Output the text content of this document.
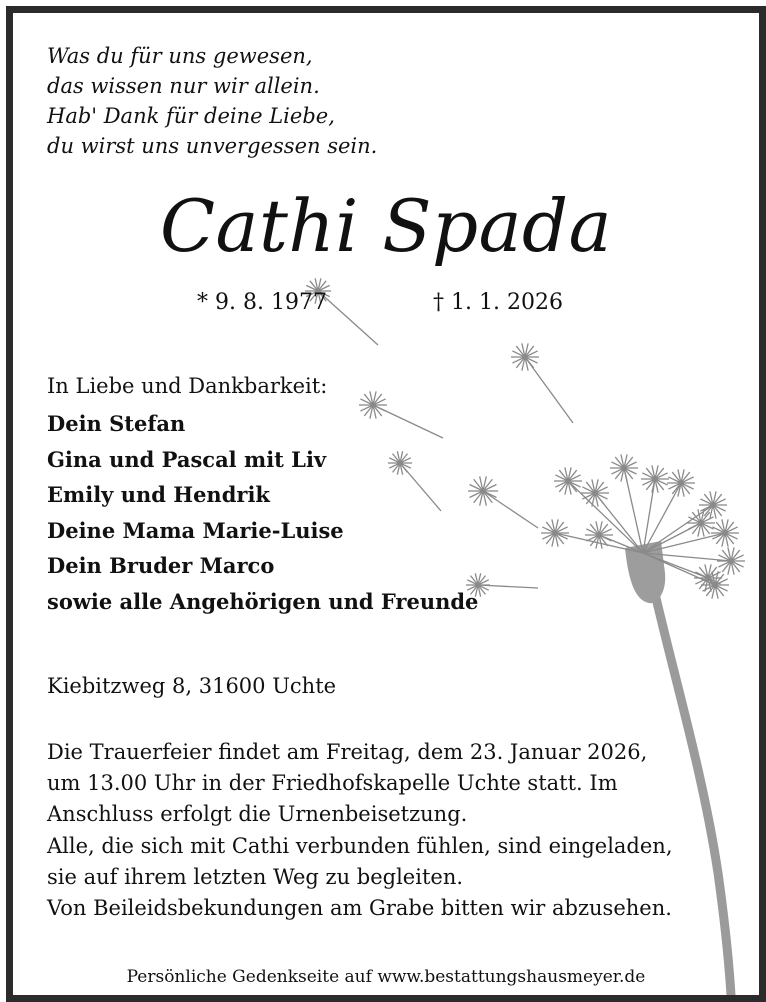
Was du für uns gewesen,
das wissen nur wir allein.
Hab' Dank für deine Liebe,
du wirst uns unvergessen sein.
Cathi Spada
* 9. 8. 1977	† 1. 1. 2026
In Liebe und Dankbarkeit:
Dein Stefan
Gina und Pascal mit Liv
Emily und Hendrik
Deine Mama Marie-Luise
Dein Bruder Marco
sowie alle Angehörigen und Freunde
Kiebitzweg 8, 31600 Uchte

Die Trauerfeier findet am Freitag, dem 23. Januar 2026, um 13.00 Uhr in der Friedhofskapelle Uchte statt. Im Anschluss erfolgt die Urnenbeisetzung.

Alle, die sich mit Cathi verbunden fühlen, sind eingeladen, sie auf ihrem letzten Weg zu begleiten.

Von Beileidsbekundungen am Grabe bitten wir abzusehen.

Persönliche Gedenkseite auf www.bestattungshausmeyer.de
